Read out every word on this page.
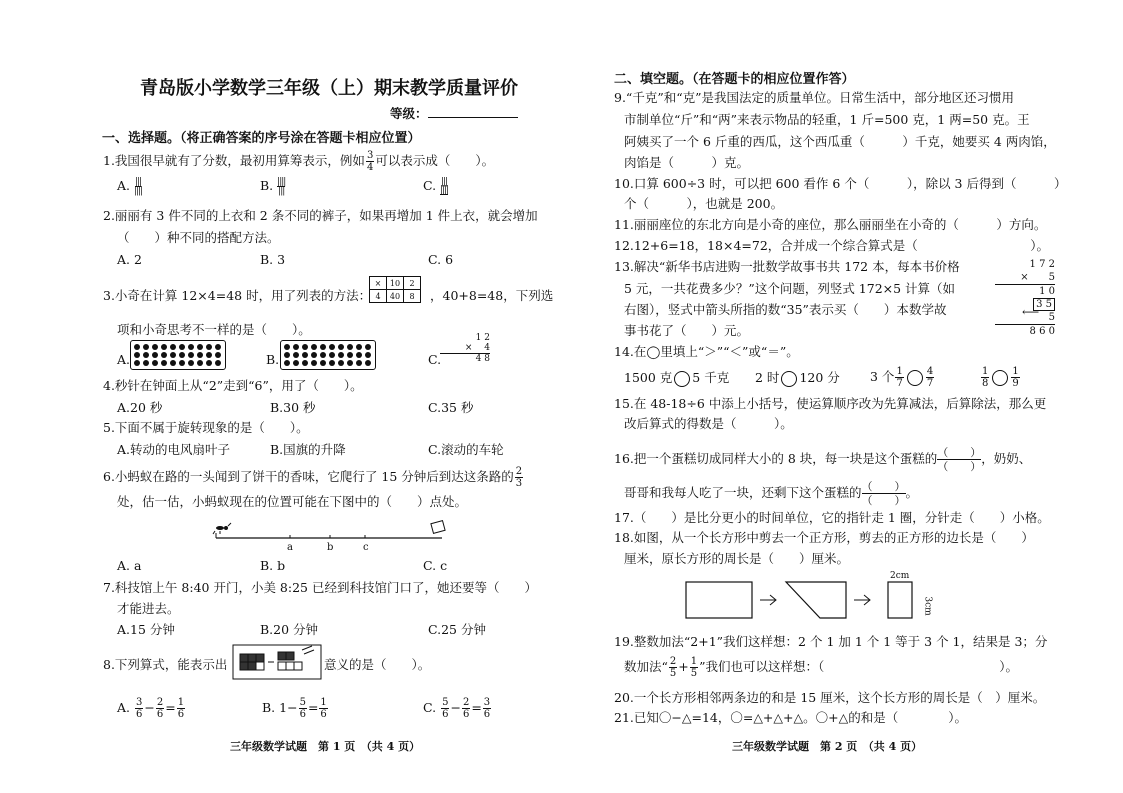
青岛版小学数学三年级（上）期末教学质量评价
等级：
一、选择题。（将正确答案的序号涂在答题卡相应位置）
1.我国很早就有了分数，最初用算筹表示，例如 $\frac{3}{4}$ 可以表示成（　　）。
A. |||
||||	B. ||||
|||	C. |||
||||
2.丽丽有 3 件不同的上衣和 2 条不同的裤子，如果再增加 1 件上衣，就会增加
（　　）种不同的搭配方法。
A. 2	B. 3	C. 6
3.小奇在计算 12×4=48 时，用了列表的方法：
×	10	2
4	40	8 ，40+8=48，下列选
项和小奇思考不一样的是（　　）。
A.	B.	C.
1 2
×　 4
4 8
4.秒针在钟面上从“2”走到“6”，用了（　　）。
A.20 秒	B.30 秒	C.35 秒
5.下面不属于旋转现象的是（　　）。
A.转动的电风扇叶子	B.国旗的升降	C.滚动的车轮
6.小蚂蚁在路的一头闻到了饼干的香味，它爬行了 15 分钟后到达这条路的 $\frac{2}{3}$
处，估一估，小蚂蚁现在的位置可能在下图中的（　　）点处。
a	b	c
A. a	B. b	C. c
7.科技馆上午 8:40 开门，小美 8:25 已经到科技馆门口了，她还要等（　　）
才能进去。
A.15 分钟	B.20 分钟	C.25 分钟
8.下列算式，能表示出	意义的是（　　）。
A. $\frac{3}{6} - \frac{2}{6} = \frac{1}{6}$	B. $1- \frac{5}{6} = \frac{1}{6}$	C. $\frac{5}{6} - \frac{2}{6} = \frac{3}{6}$
三年级数学试题　第 1 页　（共 4 页）
二、填空题。（在答题卡的相应位置作答）
9.“千克”和“克”是我国法定的质量单位。日常生活中，部分地区还习惯用
市制单位“斤”和“两”来表示物品的轻重，1 斤=500 克，1 两=50 克。王
阿姨买了一个 6 斤重的西瓜，这个西瓜重（　　　）千克，她要买 4 两肉馅，
肉馅是（　　　）克。
10.口算 600÷3 时，可以把 600 看作 6 个（　　　），除以 3 后得到（　　　）
个（　　　），也就是 200。
11.丽丽座位的东北方向是小奇的座位，那么丽丽坐在小奇的（　　　）方向。
12.12+6=18，18×4=72，合并成一个综合算式是（　　　　　　　　　）。
13.解决“新华书店进购一批数学故事书共 172 本，每本书价格
5 元，一共花费多少？”这个问题，列竖式 172×5 计算（如
右图），竖式中箭头所指的数“35”表示买（　　）本数学故
事书花了（　　）元。
1 7 2
×　　5
1 0
3 5
5
8 6 0
⟵
14.在◯里填上“＞”“＜”或“＝”。
1500 克 5 千克 2 时 120 分 3 个 $\frac{1}{7} \frac{4}{7}$	$\frac{1}{8} \frac{1}{9}$
15.在 48-18÷6 中添上小括号，使运算顺序改为先算减法，后算除法，那么更
改后算式的得数是（　　　）。
16.把一个蛋糕切成同样大小的 8 块，每一块是这个蛋糕的 $\frac{( )}{( )}$ ，奶奶、
哥哥和我每人吃了一块，还剩下这个蛋糕的 $\frac{( )}{( )}$ 。
17.（　　）是比分更小的时间单位，它的指针走 1 圈，分针走（　　）小格。
18.如图，从一个长方形中剪去一个正方形，剪去的正方形的边长是（　　）
厘米，原长方形的周长是（　　）厘米。
2cm
3cm
19.整数加法“2+1”我们这样想：2 个 1 加 1 个 1 等于 3 个 1，结果是 3；分
数加法“ $\frac{2}{5} + \frac{1}{5}$ ”我们也可以这样想：（　　　　　　　　　　　　　　）。
20.一个长方形相邻两条边的和是 15 厘米，这个长方形的周长是（　）厘米。
21.已知〇−△=14，〇=△+△+△。〇+△的和是（　　　　）。
三年级数学试题　第 2 页　（共 4 页）
